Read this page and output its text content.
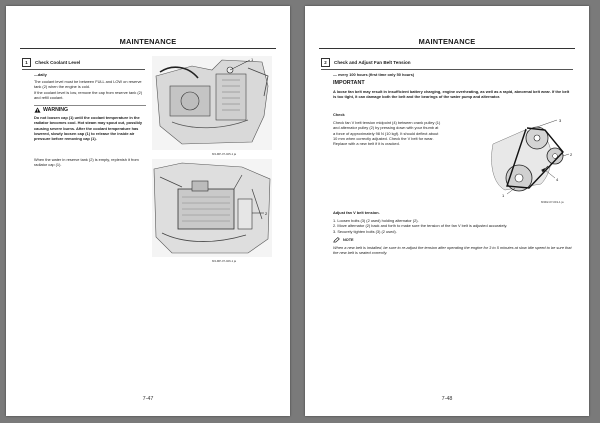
MAINTENANCE
1	Check Coolant Level
—daily
The coolant level must be between FULL and LOW on reserve tank (2) when the engine is cold.
If the coolant level is low, remove the cap from reserve tank (2) and refill coolant.
WARNING
Do not loosen cap (1) until the coolant temperature in the radiator becomes cool. Hot steam may spout out, possibly causing severe burns. After the coolant temperature has lowered, slowly loosen cap (1) to release the inside air pressure before removing cap (1).
When the water in reserve tank (2) is empty, replenish it from radiator cap (1).
1
M3-MP-07-025-1 ja
2
M3-MP-07-026-1 ja
7-47
MAINTENANCE
2	Check and Adjust Fan Belt Tension
— every 100 hours (first time only 50 hours)
IMPORTANT
A loose fan belt may result in insufficient battery charging, engine overheating, as well as a rapid, abnormal belt wear. If the belt is too tight, it can damage both the belt and the bearings of the water pump and alternator.
Check
Check fan V belt tension midpoint (4) between crank pulley (1) and alternator pulley (2) by pressing down with your thumb at a force of approximately 98 N (10 kgf). It should deflect about 10 mm when correctly adjusted. Check the V belt for wear. Replace with a new belt if it is cracked.
3
2
4
1
M3D2-07-019-1 ja
Adjust fan V belt tension.
1. Loosen bolts (3) (2 used) holding alternator (2).
2. Move alternator (2) back and forth to make sure the tension of the fan V belt is adjusted accurately.
3. Securely tighten bolts (3) (2 used).
NOTE
When a new belt is installed, be sure to re-adjust the tension after operating the engine for 3 to 5 minutes at slow idle speed to be sure that the new belt is seated correctly.
7-48
